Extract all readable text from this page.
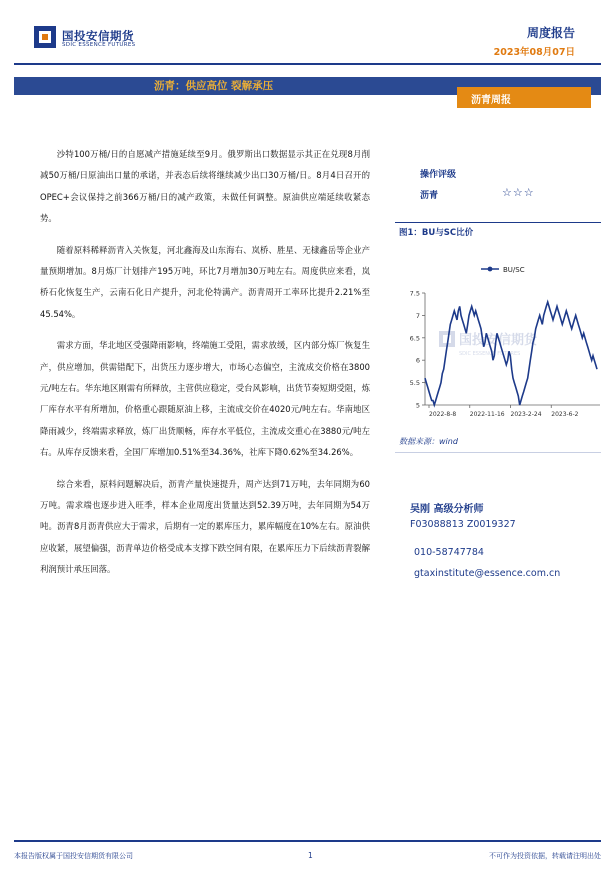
国投安信期货
SDIC ESSENCE FUTURES
周度报告
2023年08月07日
沥青：供应高位 裂解承压
沥青周报

沙特100万桶/日的自愿减产措施延续至9月。俄罗斯出口数据显示其正在兑现8月削减50万桶/日原油出口量的承诺，并表态后续将继续减少出口30万桶/日。8月4日召开的OPEC+会议保持之前366万桶/日的减产政策，未做任何调整。原油供应端延续收紧态势。

随着原料稀释沥青入关恢复，河北鑫海及山东海右、岚桥、胜星、无棣鑫岳等企业产量预期增加。8月炼厂计划排产195万吨，环比7月增加30万吨左右。周度供应来看，岚桥石化恢复生产，云南石化日产提升，河北伦特满产。沥青周开工率环比提升2.21%至45.54%。

需求方面，华北地区受强降雨影响，终端施工受阻，需求放缓，区内部分炼厂恢复生产，供应增加，供需错配下，出货压力逐步增大，市场心态偏空，主流成交价格在3800元/吨左右。华东地区刚需有所释放，主营供应稳定，受台风影响，出货节奏短期受阻，炼厂库存水平有所增加，价格重心跟随原油上移，主流成交价在4020元/吨左右。华南地区降雨减少，终端需求释放，炼厂出货顺畅，库存水平低位，主流成交重心在3880元/吨左右。从库存反馈来看，全国厂库增加0.51%至34.36%，社库下降0.62%至34.26%。

综合来看，原料问题解决后，沥青产量快速提升，周产达到71万吨，去年同期为60万吨。需求端也逐步进入旺季，样本企业周度出货量达到52.39万吨，去年同期为54万吨。沥青8月沥青供应大于需求，后期有一定的累库压力，累库幅度在10%左右。原油供应收紧，展望偏强，沥青单边价格受成本支撑下跌空间有限，在累库压力下后续沥青裂解利润预计承压回落。

操作评级
沥青	☆☆☆
图1：BU与SC比价
国投安信期货
SDIC ESSENCE FUTURES
5
5.5
6
6.5
7
7.5
2022-8-8 2022-11-16 2023-2-24 2023-6-2
BU/SC
数据来源：wind
吴刚 高级分析师
F03088813 Z0019327
010-58747784
gtaxinstitute@essence.com.cn
本报告版权属于国投安信期货有限公司	1	不可作为投资依据，转载请注明出处
